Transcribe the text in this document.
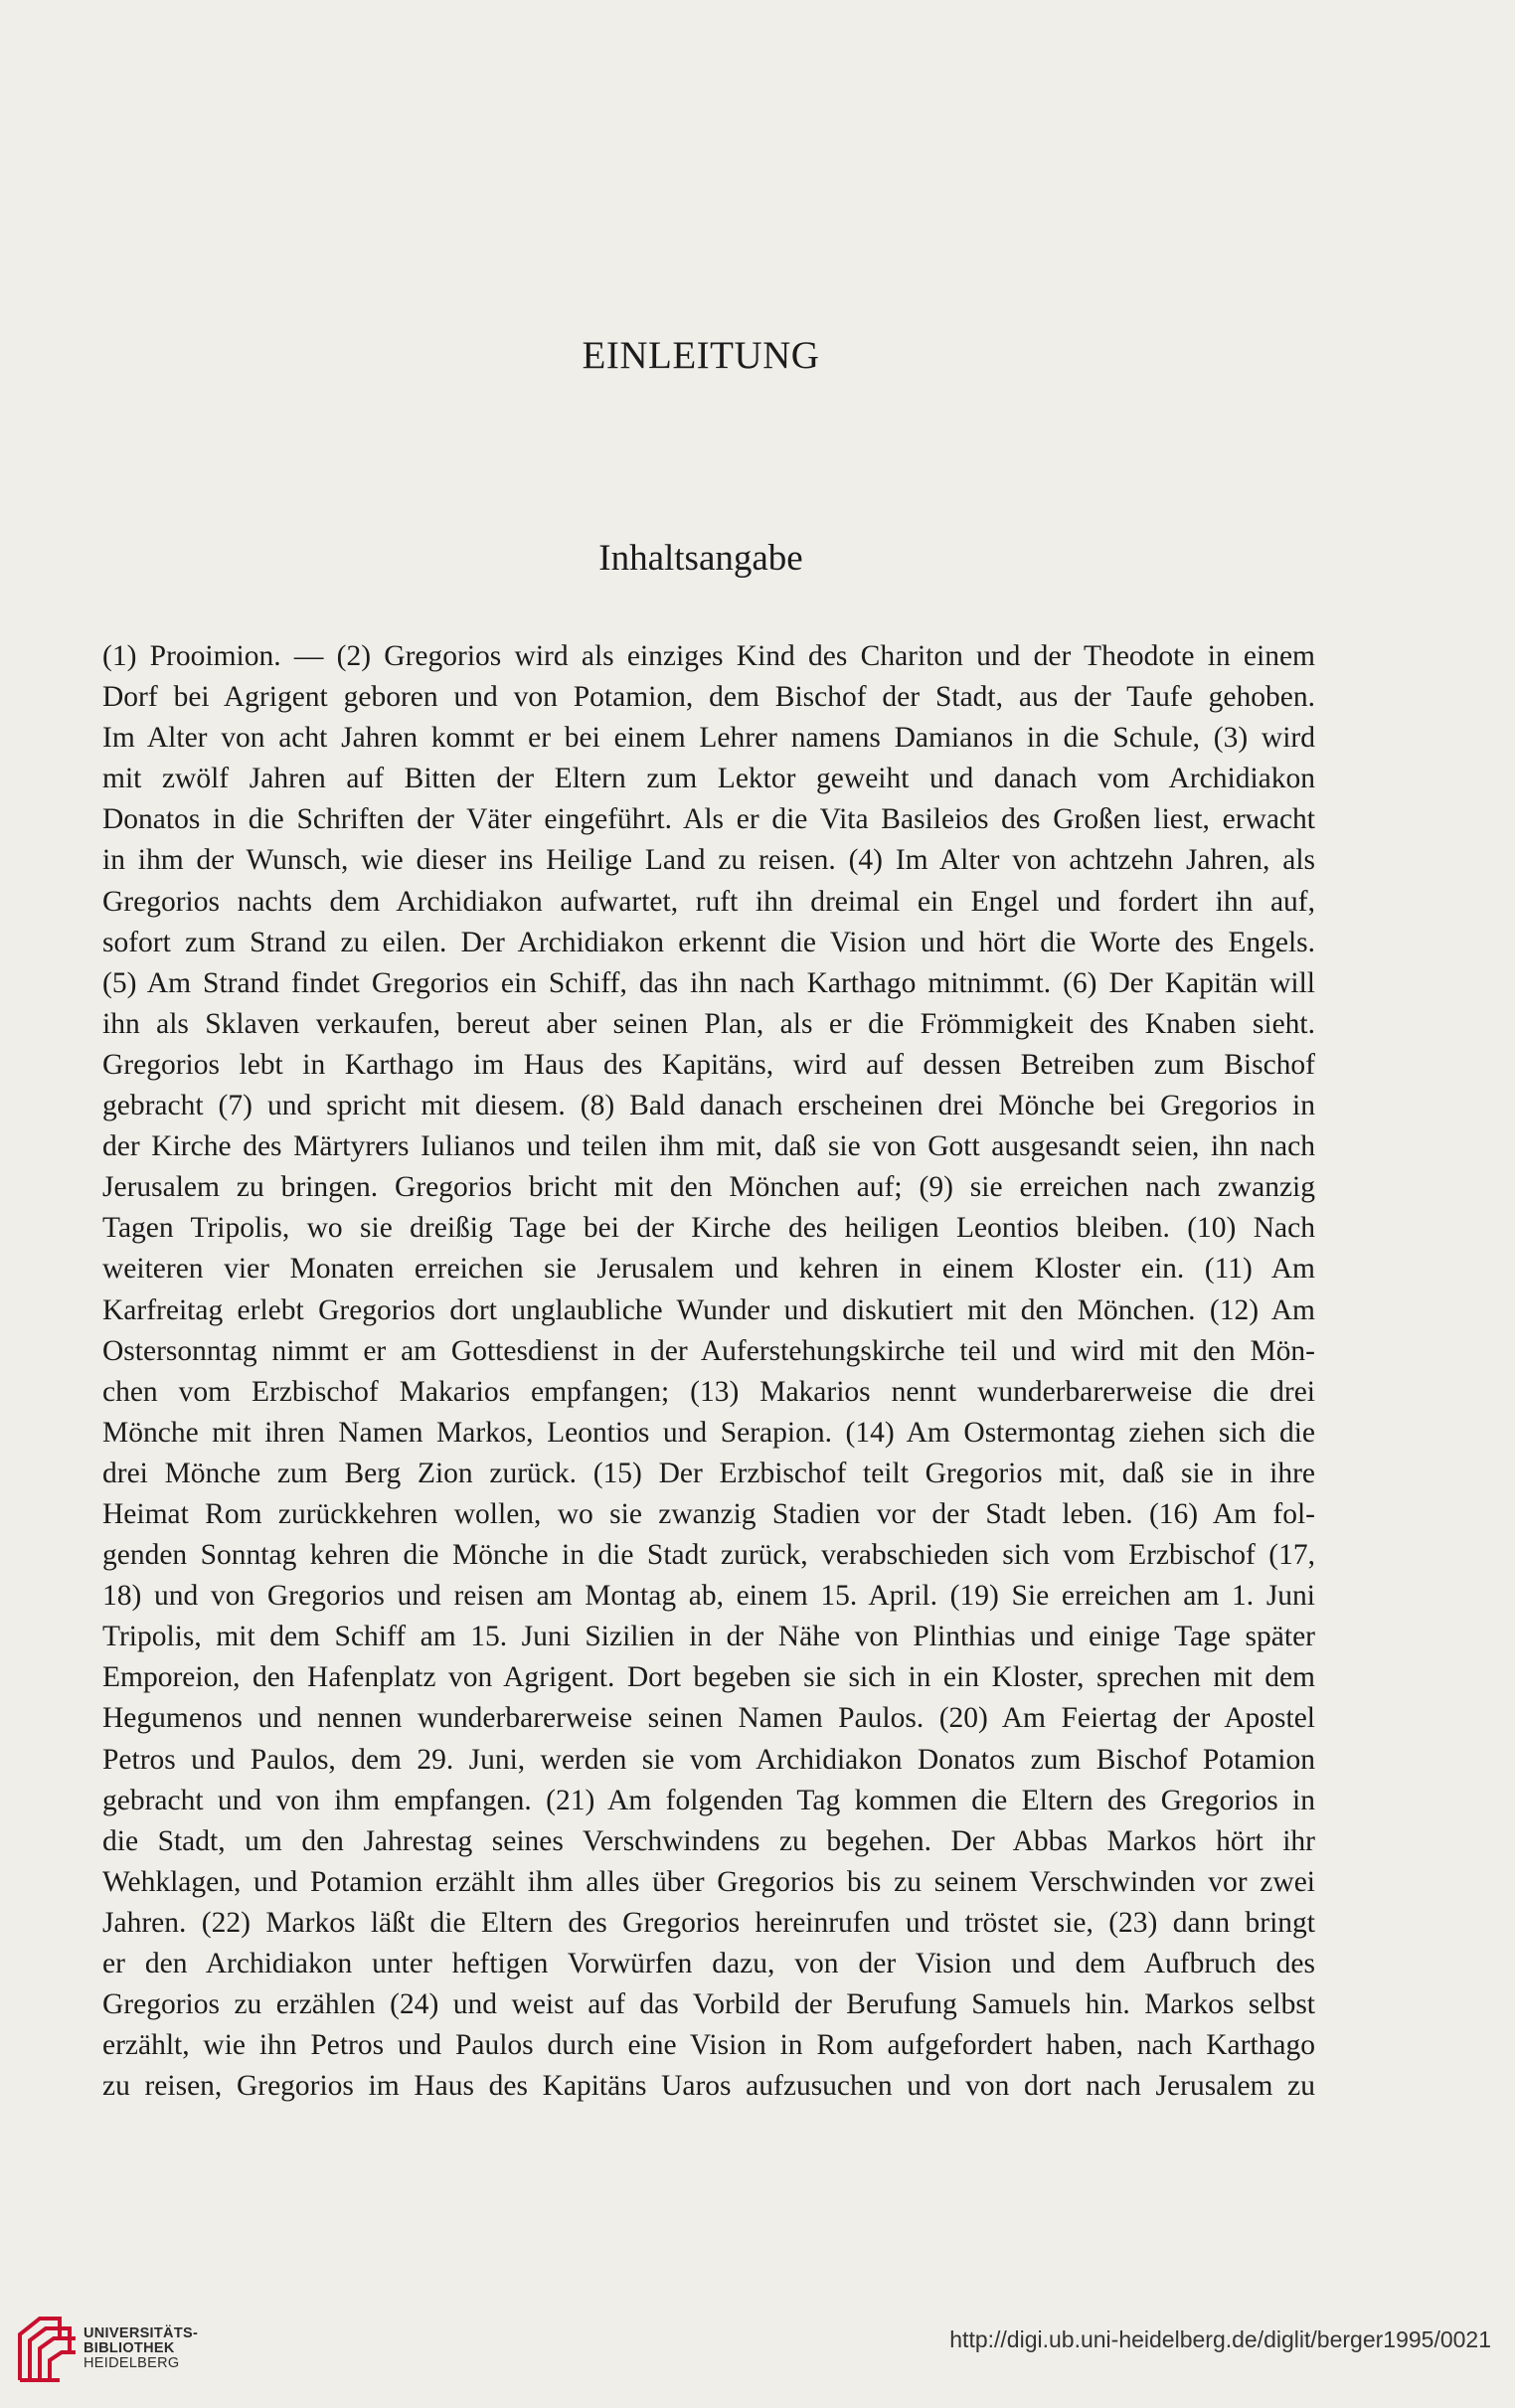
EINLEITUNG
Inhaltsangabe
(1) Prooimion. — (2) Gregorios wird als einziges Kind des Chariton und der Theodote in einem
Dorf bei Agrigent geboren und von Potamion, dem Bischof der Stadt, aus der Taufe gehoben.
Im Alter von acht Jahren kommt er bei einem Lehrer namens Damianos in die Schule, (3) wird
mit zwölf Jahren auf Bitten der Eltern zum Lektor geweiht und danach vom Archidiakon
Donatos in die Schriften der Väter eingeführt. Als er die Vita Basileios des Großen liest, erwacht
in ihm der Wunsch, wie dieser ins Heilige Land zu reisen. (4) Im Alter von achtzehn Jahren, als
Gregorios nachts dem Archidiakon aufwartet, ruft ihn dreimal ein Engel und fordert ihn auf,
sofort zum Strand zu eilen. Der Archidiakon erkennt die Vision und hört die Worte des Engels.
(5) Am Strand findet Gregorios ein Schiff, das ihn nach Karthago mitnimmt. (6) Der Kapitän will
ihn als Sklaven verkaufen, bereut aber seinen Plan, als er die Frömmigkeit des Knaben sieht.
Gregorios lebt in Karthago im Haus des Kapitäns, wird auf dessen Betreiben zum Bischof
gebracht (7) und spricht mit diesem. (8) Bald danach erscheinen drei Mönche bei Gregorios in
der Kirche des Märtyrers Iulianos und teilen ihm mit, daß sie von Gott ausgesandt seien, ihn nach
Jerusalem zu bringen. Gregorios bricht mit den Mönchen auf; (9) sie erreichen nach zwanzig
Tagen Tripolis, wo sie dreißig Tage bei der Kirche des heiligen Leontios bleiben. (10) Nach
weiteren vier Monaten erreichen sie Jerusalem und kehren in einem Kloster ein. (11) Am
Karfreitag erlebt Gregorios dort unglaubliche Wunder und diskutiert mit den Mönchen. (12) Am
Ostersonntag nimmt er am Gottesdienst in der Auferstehungskirche teil und wird mit den Mön-
chen vom Erzbischof Makarios empfangen; (13) Makarios nennt wunderbarerweise die drei
Mönche mit ihren Namen Markos, Leontios und Serapion. (14) Am Ostermontag ziehen sich die
drei Mönche zum Berg Zion zurück. (15) Der Erzbischof teilt Gregorios mit, daß sie in ihre
Heimat Rom zurückkehren wollen, wo sie zwanzig Stadien vor der Stadt leben. (16) Am fol-
genden Sonntag kehren die Mönche in die Stadt zurück, verabschieden sich vom Erzbischof (17,
18) und von Gregorios und reisen am Montag ab, einem 15. April. (19) Sie erreichen am 1. Juni
Tripolis, mit dem Schiff am 15. Juni Sizilien in der Nähe von Plinthias und einige Tage später
Emporeion, den Hafenplatz von Agrigent. Dort begeben sie sich in ein Kloster, sprechen mit dem
Hegumenos und nennen wunderbarerweise seinen Namen Paulos. (20) Am Feiertag der Apostel
Petros und Paulos, dem 29. Juni, werden sie vom Archidiakon Donatos zum Bischof Potamion
gebracht und von ihm empfangen. (21) Am folgenden Tag kommen die Eltern des Gregorios in
die Stadt, um den Jahrestag seines Verschwindens zu begehen. Der Abbas Markos hört ihr
Wehklagen, und Potamion erzählt ihm alles über Gregorios bis zu seinem Verschwinden vor zwei
Jahren. (22) Markos läßt die Eltern des Gregorios hereinrufen und tröstet sie, (23) dann bringt
er den Archidiakon unter heftigen Vorwürfen dazu, von der Vision und dem Aufbruch des
Gregorios zu erzählen (24) und weist auf das Vorbild der Berufung Samuels hin. Markos selbst
erzählt, wie ihn Petros und Paulos durch eine Vision in Rom aufgefordert haben, nach Karthago
zu reisen, Gregorios im Haus des Kapitäns Uaros aufzusuchen und von dort nach Jerusalem zu
UNIVERSITÄTS-
BIBLIOTHEK
HEIDELBERG
http://digi.ub.uni-heidelberg.de/diglit/berger1995/0021
